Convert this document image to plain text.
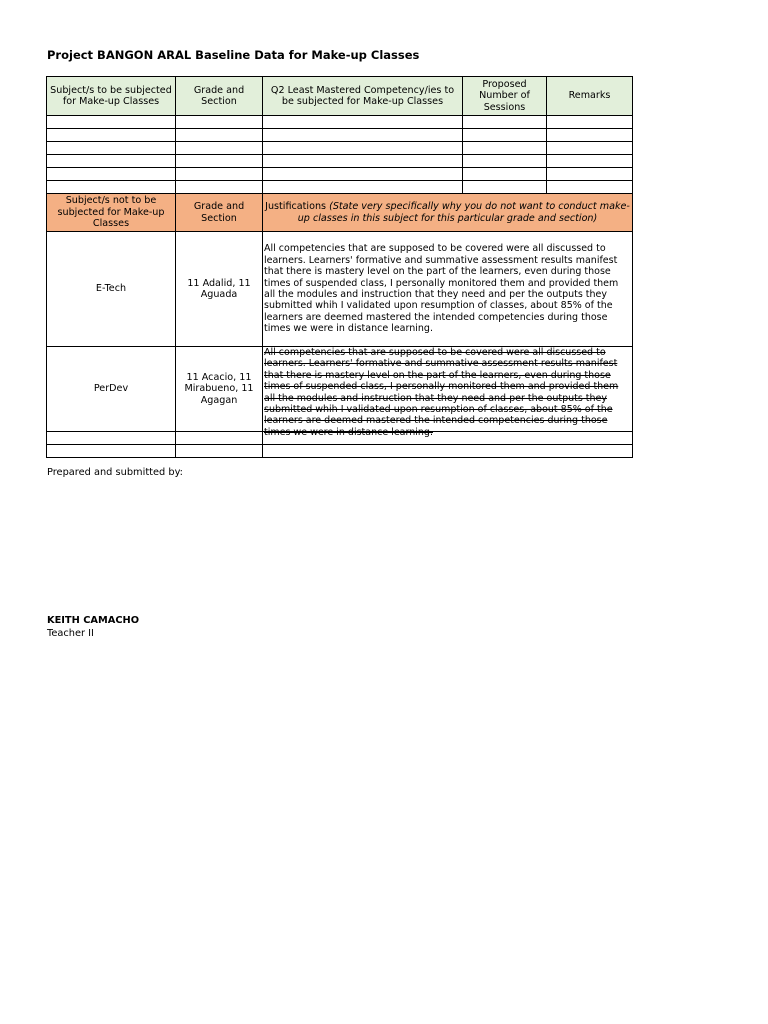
Project BANGON ARAL Baseline Data for Make-up Classes
Subject/s to be subjected for Make-up Classes	Grade and Section	Q2 Least Mastered Competency/ies to be subjected for Make-up Classes	Proposed Number of Sessions	Remarks

Subject/s not to be subjected for Make-up Classes	Grade and Section	Justifications (State very specifically why you do not want to conduct make-up classes in this subject for this particular grade and section)
E-Tech	11 Adalid, 11 Aguada	All competencies that are supposed to be covered were all discussed to learners. Learners' formative and summative assessment results manifest that there is mastery level on the part of the learners, even during those times of suspended class, I personally monitored them and provided them all the modules and instruction that they need and per the outputs they submitted whih I validated upon resumption of classes, about 85% of the learners are deemed mastered the intended competencies during those times we were in distance learning.

PerDev	11 Acacio, 11 Mirabueno, 11 Agagan	All competencies that are supposed to be covered were all discussed to learners. Learners' formative and summative assessment results manifest that there is mastery level on the part of the learners, even during those times of suspended class, I personally monitored them and provided them all the modules and instruction that they need and per the outputs they submitted whih I validated upon resumption of classes, about 85% of the learners are deemed mastered the intended competencies during those times we were in distance learning.

Prepared and submitted by:
KEITH CAMACHO
Teacher II
